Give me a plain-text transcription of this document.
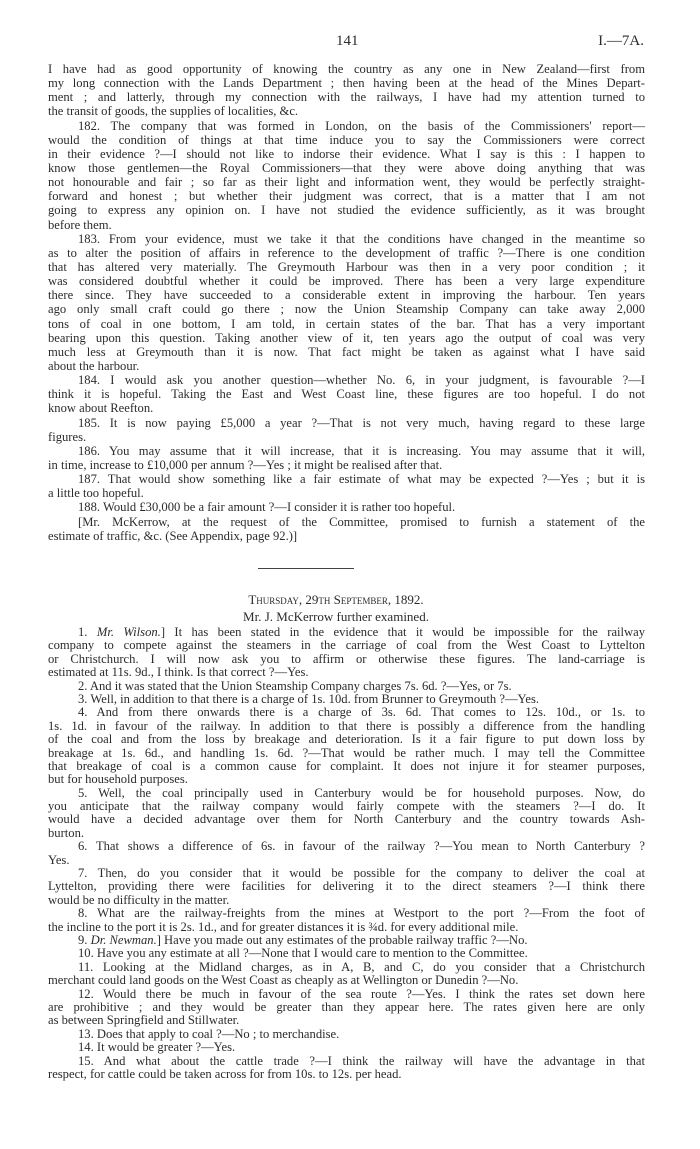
141	I.—7A.
I have had as good opportunity of knowing the country as any one in New Zealand—first from
my long connection with the Lands Department ; then having been at the head of the Mines Depart-
ment ; and latterly, through my connection with the railways, I have had my attention turned to
the transit of goods, the supplies of localities, &c.
182. The company that was formed in London, on the basis of the Commissioners' report—
would the condition of things at that time induce you to say the Commissioners were correct
in their evidence ?—I should not like to indorse their evidence. What I say is this : I happen to
know those gentlemen—the Royal Commissioners—that they were above doing anything that was
not honourable and fair ; so far as their light and information went, they would be perfectly straight-
forward and honest ; but whether their judgment was correct, that is a matter that I am not
going to express any opinion on. I have not studied the evidence sufficiently, as it was brought
before them.
183. From your evidence, must we take it that the conditions have changed in the meantime so
as to alter the position of affairs in reference to the development of traffic ?—There is one condition
that has altered very materially. The Greymouth Harbour was then in a very poor condition ; it
was considered doubtful whether it could be improved. There has been a very large expenditure
there since. They have succeeded to a considerable extent in improving the harbour. Ten years
ago only small craft could go there ; now the Union Steamship Company can take away 2,000
tons of coal in one bottom, I am told, in certain states of the bar. That has a very important
bearing upon this question. Taking another view of it, ten years ago the output of coal was very
much less at Greymouth than it is now. That fact might be taken as against what I have said
about the harbour.
184. I would ask you another question—whether No. 6, in your judgment, is favourable ?—I
think it is hopeful. Taking the East and West Coast line, these figures are too hopeful. I do not
know about Reefton.
185. It is now paying £5,000 a year ?—That is not very much, having regard to these large
figures.
186. You may assume that it will increase, that it is increasing. You may assume that it will,
in time, increase to £10,000 per annum ?—Yes ; it might be realised after that.
187. That would show something like a fair estimate of what may be expected ?—Yes ; but it is
a little too hopeful.
188. Would £30,000 be a fair amount ?—I consider it is rather too hopeful.
[Mr. McKerrow, at the request of the Committee, promised to furnish a statement of the
estimate of traffic, &c. (See Appendix, page 92.)]
Thursday, 29th September, 1892.
Mr. J. McKerrow further examined.
1. Mr. Wilson.] It has been stated in the evidence that it would be impossible for the railway
company to compete against the steamers in the carriage of coal from the West Coast to Lyttelton
or Christchurch. I will now ask you to affirm or otherwise these figures. The land-carriage is
estimated at 11s. 9d., I think. Is that correct ?—Yes.
2. And it was stated that the Union Steamship Company charges 7s. 6d. ?—Yes, or 7s.
3. Well, in addition to that there is a charge of 1s. 10d. from Brunner to Greymouth ?—Yes.
4. And from there onwards there is a charge of 3s. 6d. That comes to 12s. 10d., or 1s. to
1s. 1d. in favour of the railway. In addition to that there is possibly a difference from the handling
of the coal and from the loss by breakage and deterioration. Is it a fair figure to put down loss by
breakage at 1s. 6d., and handling 1s. 6d. ?—That would be rather much. I may tell the Committee
that breakage of coal is a common cause for complaint. It does not injure it for steamer purposes,
but for household purposes.
5. Well, the coal principally used in Canterbury would be for household purposes. Now, do
you anticipate that the railway company would fairly compete with the steamers ?—I do. It
would have a decided advantage over them for North Canterbury and the country towards Ash-
burton.
6. That shows a difference of 6s. in favour of the railway ?—You mean to North Canterbury ?
Yes.
7. Then, do you consider that it would be possible for the company to deliver the coal at
Lyttelton, providing there were facilities for delivering it to the direct steamers ?—I think there
would be no difficulty in the matter.
8. What are the railway-freights from the mines at Westport to the port ?—From the foot of
the incline to the port it is 2s. 1d., and for greater distances it is ¾d. for every additional mile.
9. Dr. Newman.] Have you made out any estimates of the probable railway traffic ?—No.
10. Have you any estimate at all ?—None that I would care to mention to the Committee.
11. Looking at the Midland charges, as in A, B, and C, do you consider that a Christchurch
merchant could land goods on the West Coast as cheaply as at Wellington or Dunedin ?—No.
12. Would there be much in favour of the sea route ?—Yes. I think the rates set down here
are prohibitive ; and they would be greater than they appear here. The rates given here are only
as between Springfield and Stillwater.
13. Does that apply to coal ?—No ; to merchandise.
14. It would be greater ?—Yes.
15. And what about the cattle trade ?—I think the railway will have the advantage in that
respect, for cattle could be taken across for from 10s. to 12s. per head.
